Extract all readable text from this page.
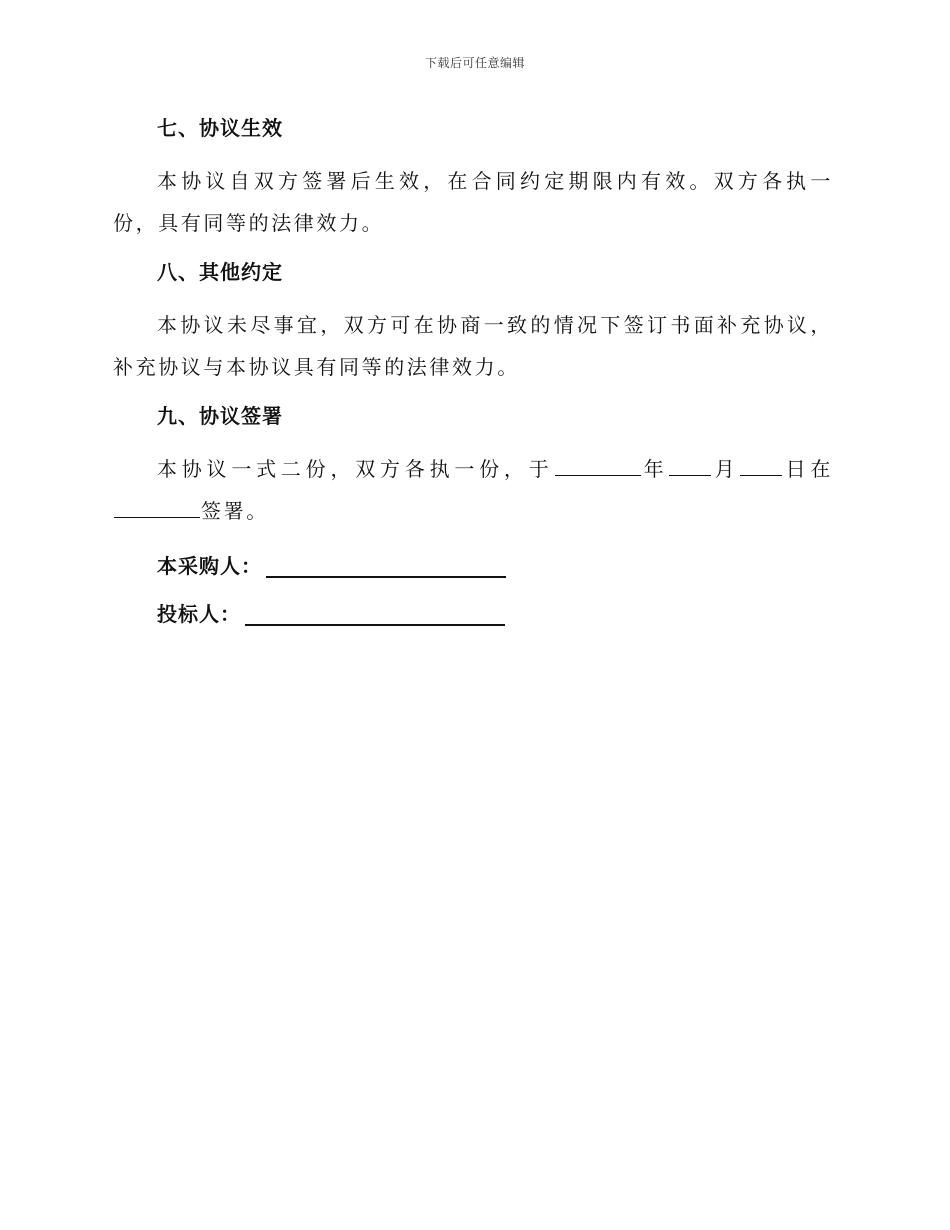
下载后可任意编辑
七、协议生效

本协议自双方签署后生效，在合同约定期限内有效。双方各执一份，具有同等的法律效力。

八、其他约定

本协议未尽事宜，双方可在协商一致的情况下签订书面补充协议，补充协议与本协议具有同等的法律效力。

九、协议签署

本协议一式二份，双方各执一份，于	年 月 日在签署。

本采购人：
投标人：
